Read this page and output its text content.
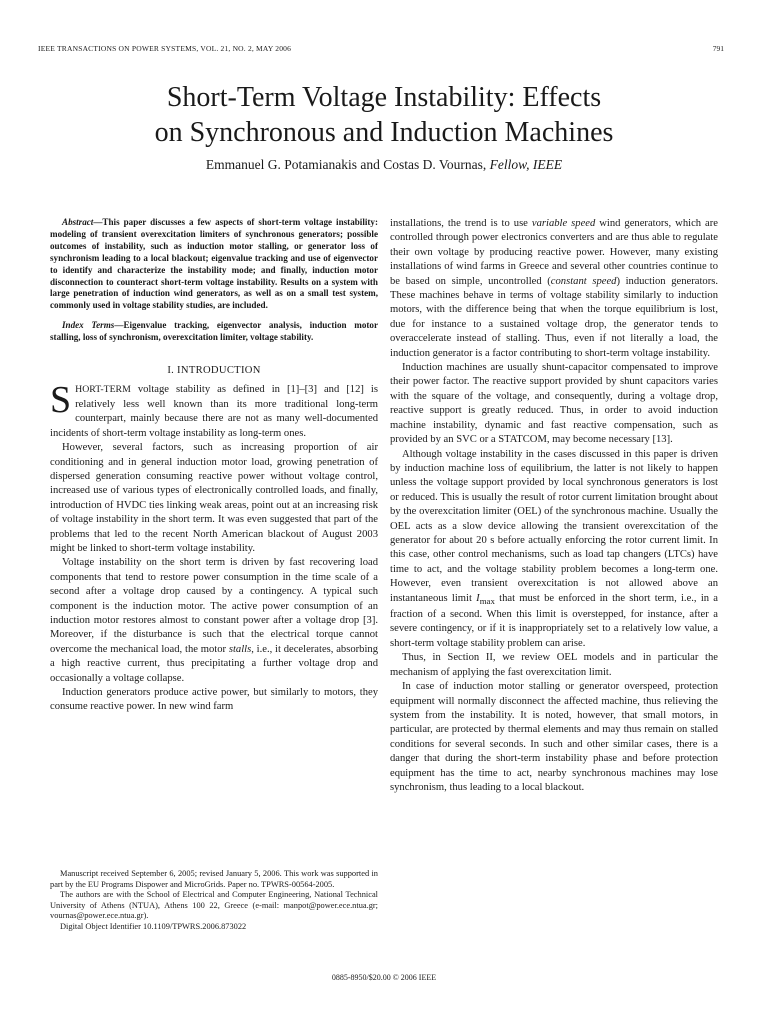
IEEE TRANSACTIONS ON POWER SYSTEMS, VOL. 21, NO. 2, MAY 2006	791
Short-Term Voltage Instability: Effects
on Synchronous and Induction Machines
Emmanuel G. Potamianakis and Costas D. Vournas, Fellow, IEEE

Abstract—This paper discusses a few aspects of short-term voltage instability: modeling of transient overexcitation limiters of synchronous generators; possible outcomes of instability, such as induction motor stalling, or generator loss of synchronism leading to a local blackout; eigenvalue tracking and use of eigenvector to identify and characterize the instability mode; and finally, induction motor disconnection to counteract short-term voltage instability. Results on a system with large penetration of induction wind generators, as well as on a small test system, commonly used in voltage stability studies, are included.

Index Terms—Eigenvalue tracking, eigenvector analysis, induction motor stalling, loss of synchronism, overexcitation limiter, voltage stability.

I. INTRODUCTION

SHORT-TERM voltage stability as defined in [1]–[3] and [12] is relatively less well known than its more traditional long-term counterpart, mainly because there are not as many well-documented incidents of short-term voltage instability as long-term ones.

However, several factors, such as increasing proportion of air conditioning and in general induction motor load, growing penetration of dispersed generation consuming reactive power without voltage control, increased use of various types of electronically controlled loads, and finally, introduction of HVDC ties linking weak areas, point out at an increasing risk of voltage instability in the short term. It was even suggested that part of the problems that led to the recent North American blackout of August 2003 might be linked to short-term voltage instability.

Voltage instability on the short term is driven by fast recovering load components that tend to restore power consumption in the time scale of a second after a voltage drop caused by a contingency. A typical such component is the induction motor. The active power consumption of an induction motor restores almost to constant power after a voltage drop [3]. Moreover, if the disturbance is such that the electrical torque cannot overcome the mechanical load, the motor stalls, i.e., it decelerates, absorbing a high reactive current, thus precipitating a further voltage drop and occasionally a voltage collapse.

Induction generators produce active power, but similarly to motors, they consume reactive power. In new wind farm

Manuscript received September 6, 2005; revised January 5, 2006. This work was supported in part by the EU Programs Dispower and MicroGrids. Paper no. TPWRS-00564-2005.

The authors are with the School of Electrical and Computer Engineering, National Technical University of Athens (NTUA), Athens 100 22, Greece (e-mail: manpot@power.ece.ntua.gr; vournas@power.ece.ntua.gr).

Digital Object Identifier 10.1109/TPWRS.2006.873022

installations, the trend is to use variable speed wind generators, which are controlled through power electronics converters and are thus able to regulate their own voltage by producing reactive power. However, many existing installations of wind farms in Greece and several other countries continue to be based on simple, uncontrolled (constant speed) induction generators. These machines behave in terms of voltage stability similarly to induction motors, with the difference being that when the torque equilibrium is lost, due for instance to a sustained voltage drop, the generator tends to overaccelerate instead of stalling. Thus, even if not literally a load, the induction generator is a factor contributing to short-term voltage instability.

Induction machines are usually shunt-capacitor compensated to improve their power factor. The reactive support provided by shunt capacitors varies with the square of the voltage, and consequently, during a voltage drop, reactive support is greatly reduced. Thus, in order to avoid induction machine instability, dynamic and fast reactive compensation, such as provided by an SVC or a STATCOM, may become necessary [13].

Although voltage instability in the cases discussed in this paper is driven by induction machine loss of equilibrium, the latter is not likely to happen unless the voltage support provided by local synchronous generators is lost or reduced. This is usually the result of rotor current limitation brought about by the overexcitation limiter (OEL) of the synchronous machine. Usually the OEL acts as a slow device allowing the transient overexcitation of the generator for about 20 s before actually enforcing the rotor current limit. In this case, other control mechanisms, such as load tap changers (LTCs) have time to act, and the voltage stability problem becomes a long-term one. However, even transient overexcitation is not allowed above an instantaneous limit $I_{max}$ that must be enforced in the short term, i.e., in a fraction of a second. When this limit is overstepped, for instance, after a severe contingency, or if it is inappropriately set to a relatively low value, a short-term voltage stability problem can arise.

Thus, in Section II, we review OEL models and in particular the mechanism of applying the fast overexcitation limit.

In case of induction motor stalling or generator overspeed, protection equipment will normally disconnect the affected machine, thus relieving the system from the instability. It is noted, however, that small motors, in particular, are protected by thermal elements and may thus remain on stalled conditions for several seconds. In such and other similar cases, there is a danger that during the short-term instability phase and before protection equipment has the time to act, nearby synchronous machines may lose synchronism, thus leading to a local blackout.

0885-8950/$20.00 © 2006 IEEE
